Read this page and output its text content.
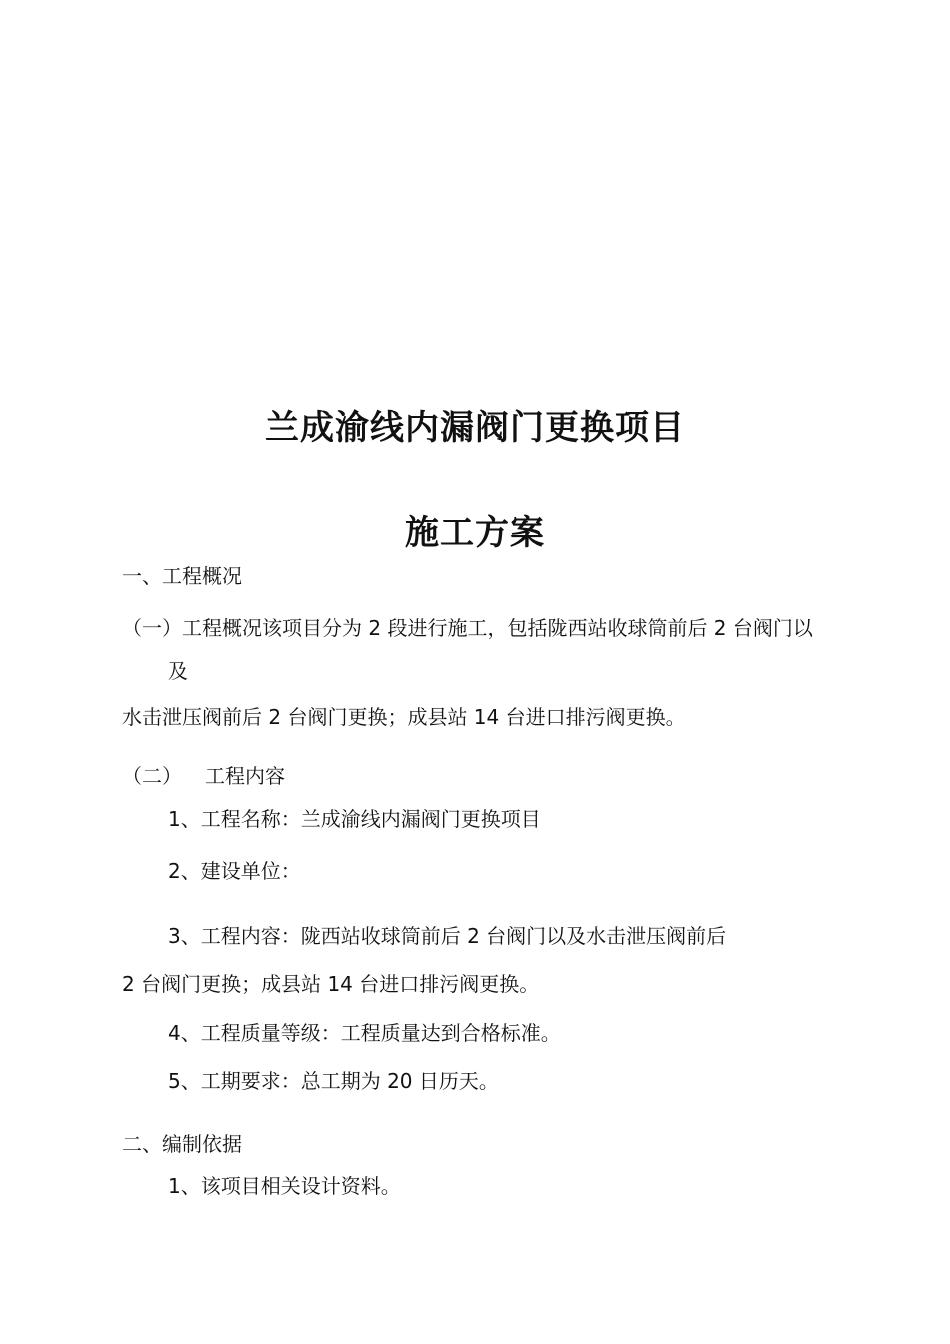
兰成渝线内漏阀门更换项目
施工方案
一、工程概况
（一）工程概况该项目分为 2 段进行施工，包括陇西站收球筒前后 2 台阀门以
及
水击泄压阀前后 2 台阀门更换；成县站 14 台进口排污阀更换。
（二） 工程内容
1、工程名称：兰成渝线内漏阀门更换项目
2、建设单位：
3、工程内容：陇西站收球筒前后 2 台阀门以及水击泄压阀前后
2 台阀门更换；成县站 14 台进口排污阀更换。
4、工程质量等级：工程质量达到合格标准。
5、工期要求：总工期为 20 日历天。
二、编制依据
1、该项目相关设计资料。
